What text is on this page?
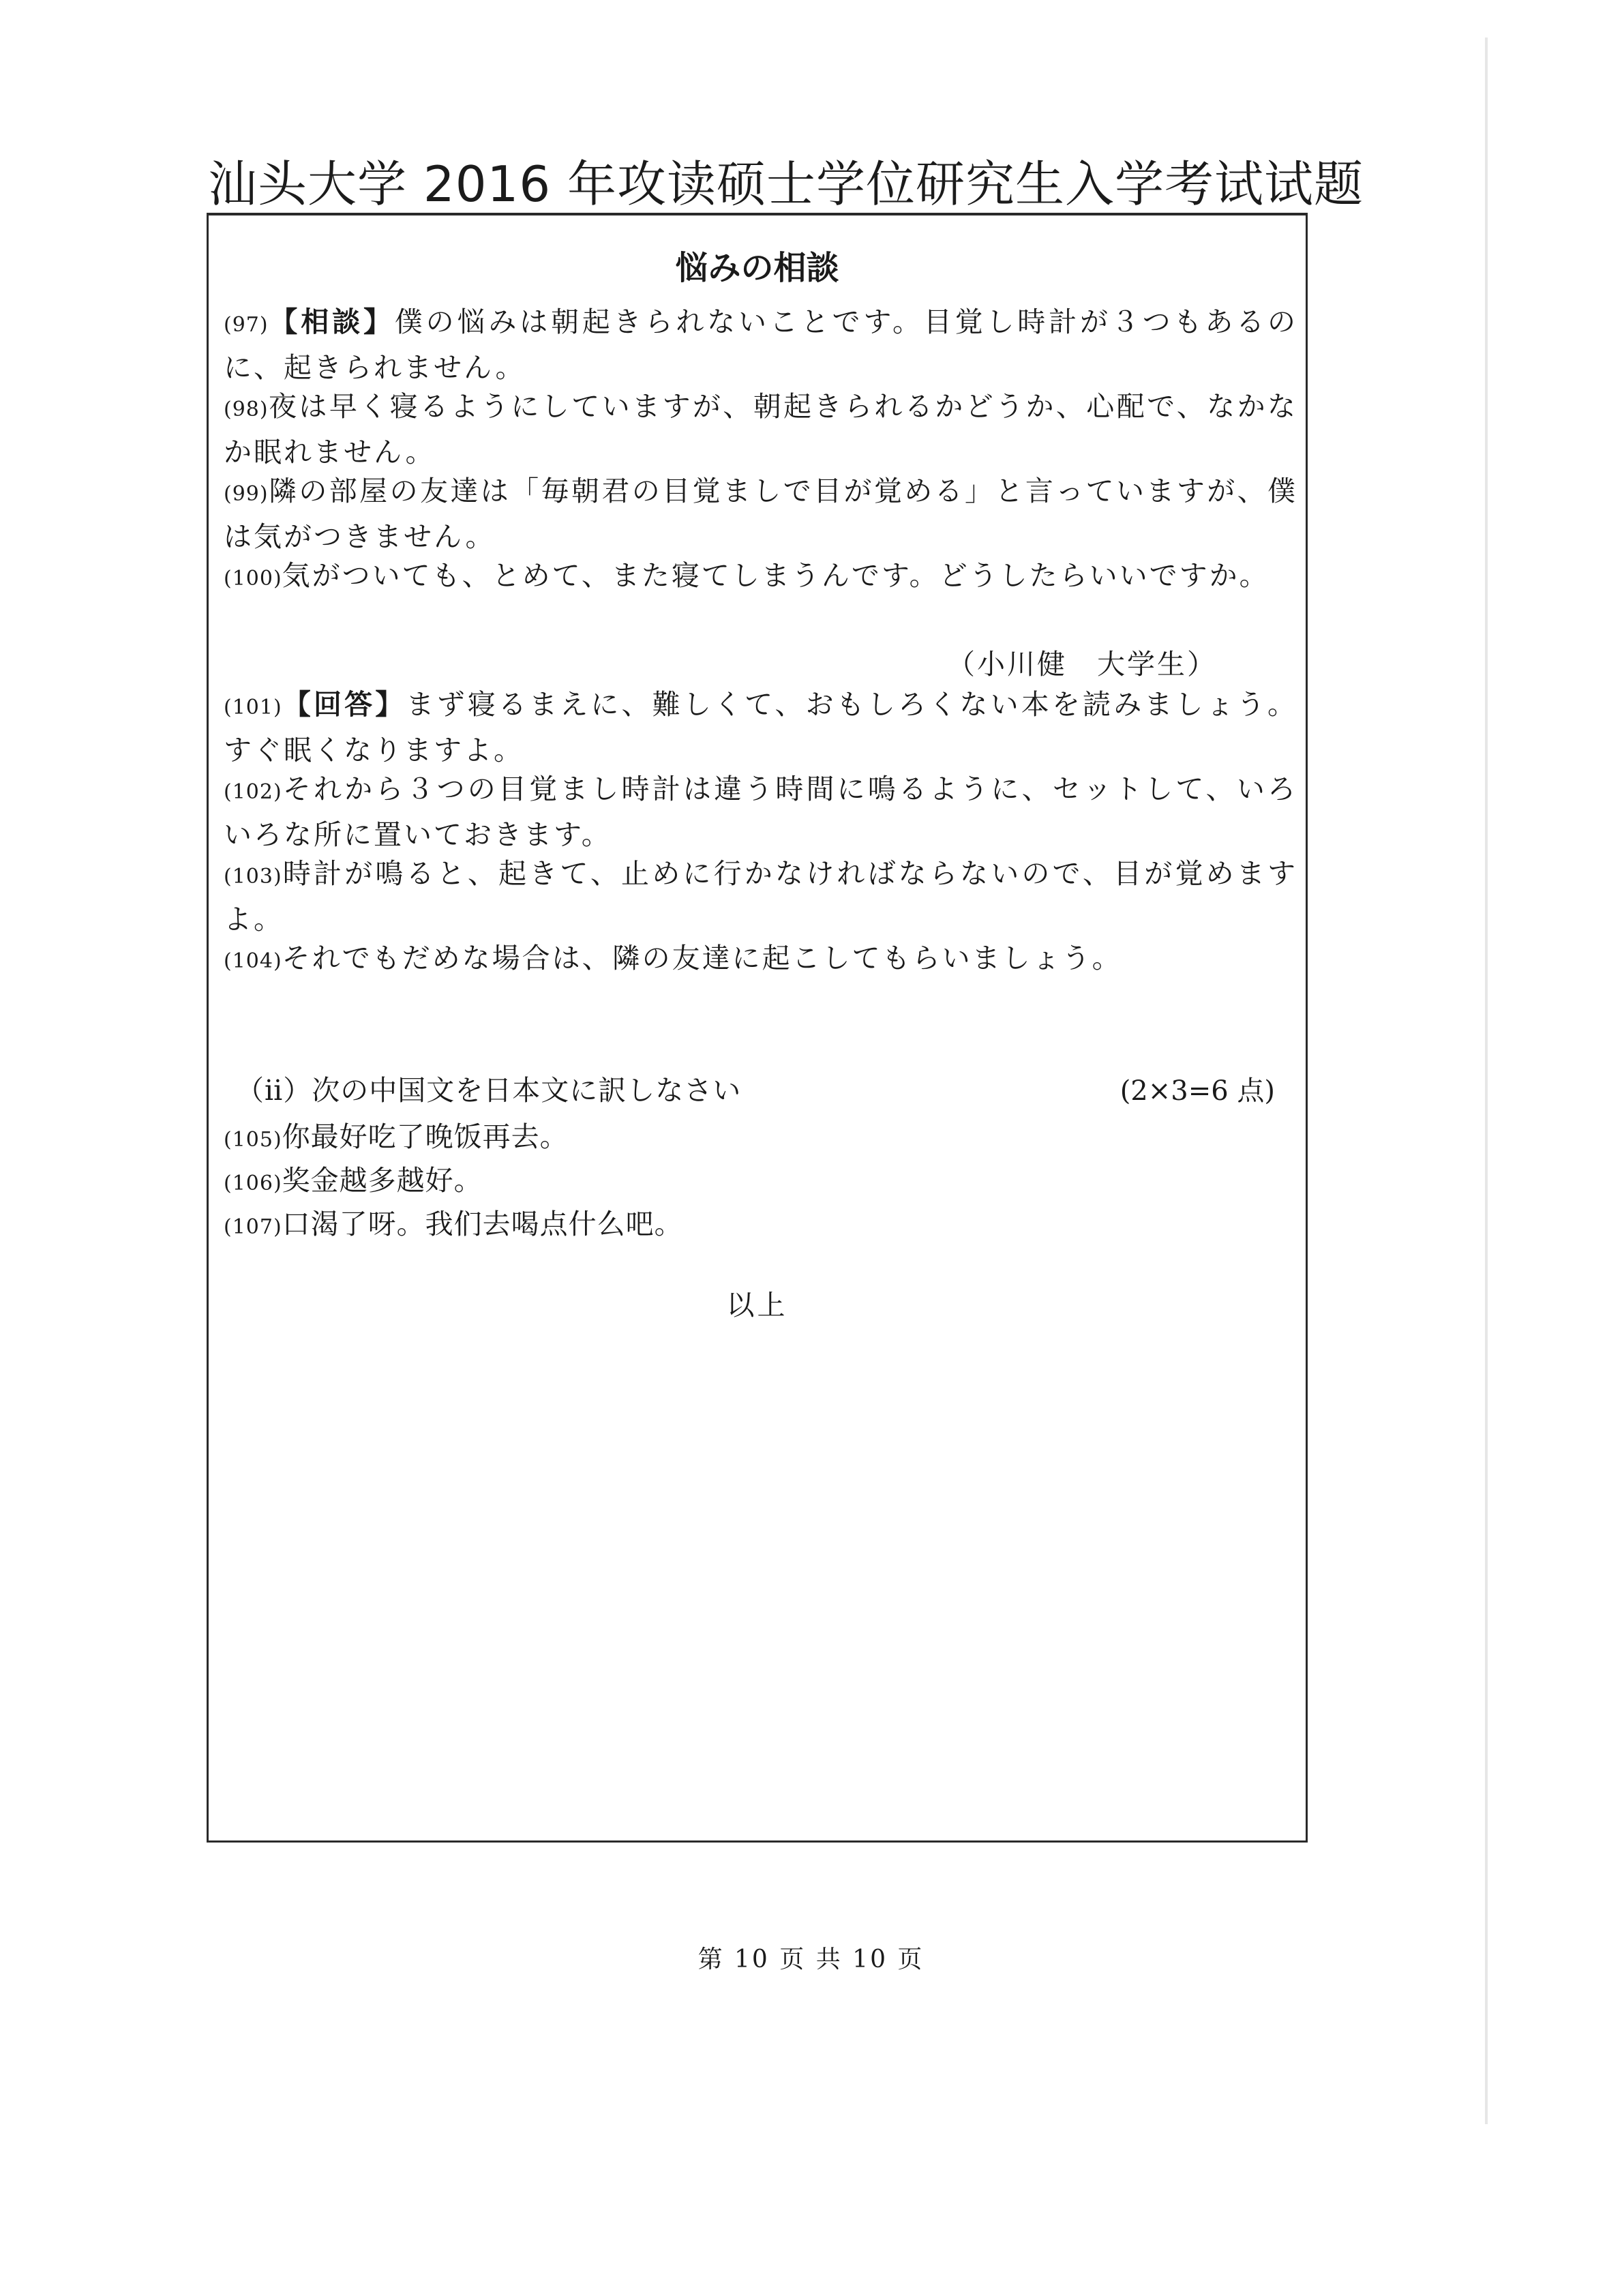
汕头大学 2016 年攻读硕士学位研究生入学考试试题
悩みの相談
(97)【相談】僕の悩みは朝起きられないことです。目覚し時計が３つもあるのに、起きられません。
(98)夜は早く寝るようにしていますが、朝起きられるかどうか、心配で、なかなか眠れません。
(99)隣の部屋の友達は「毎朝君の目覚ましで目が覚める」と言っていますが、僕は気がつきません。
(100)気がついても、とめて、また寝てしまうんです。どうしたらいいですか。
（小川健　大学生）
(101)【回答】まず寝るまえに、難しくて、おもしろくない本を読みましょう。すぐ眠くなりますよ。
(102)それから３つの目覚まし時計は違う時間に鳴るように、セットして、いろいろな所に置いておきます。
(103)時計が鳴ると、起きて、止めに行かなければならないので、目が覚めますよ。
(104)それでもだめな場合は、隣の友達に起こしてもらいましょう。
（ⅱ）次の中国文を日本文に訳しなさい	(2×3=6 点)
(105)你最好吃了晚饭再去。
(106)奖金越多越好。
(107)口渴了呀。我们去喝点什么吧。
以上
第 10 页 共 10 页
